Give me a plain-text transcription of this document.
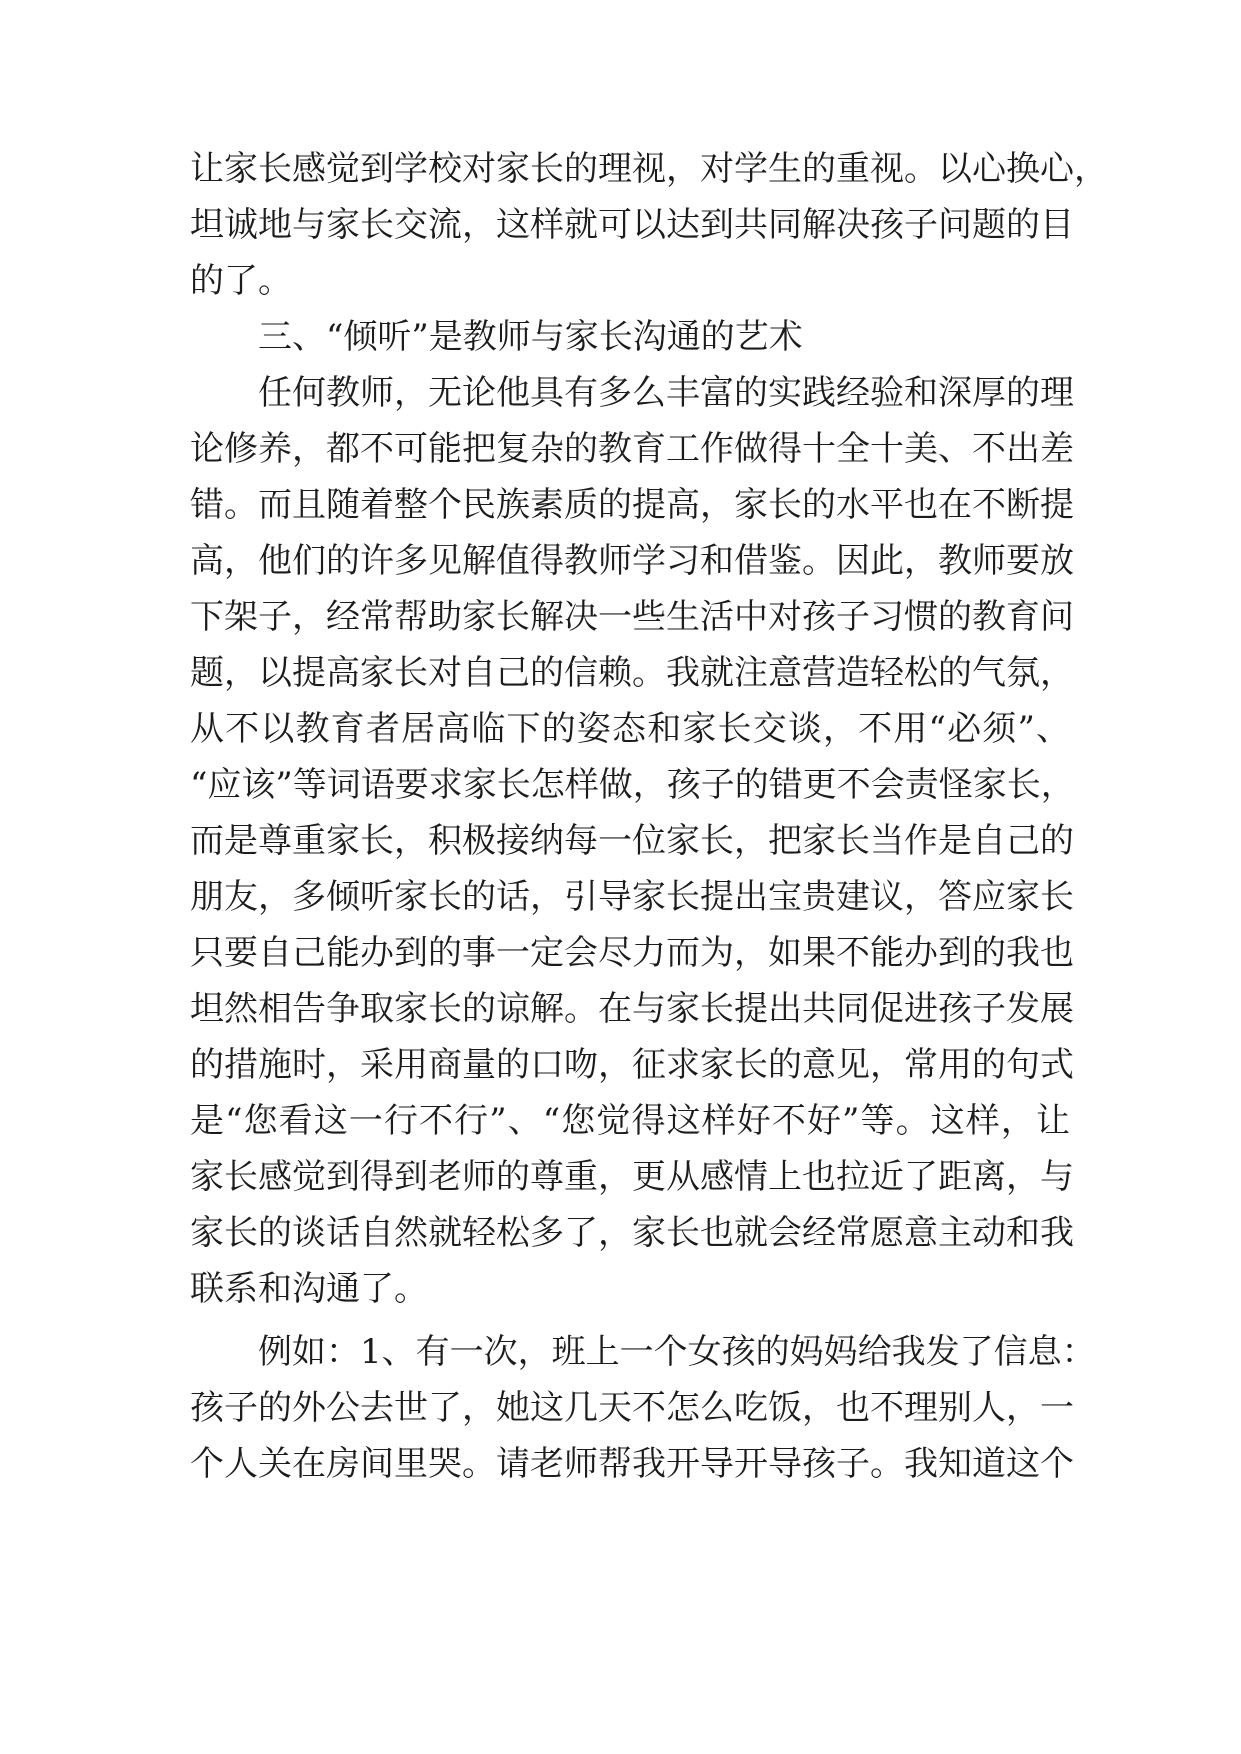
让家长感觉到学校对家长的理视，对学生的重视。以心换心，
坦诚地与家长交流，这样就可以达到共同解决孩子问题的目
的了。
三、“倾听”是教师与家长沟通的艺术
任何教师，无论他具有多么丰富的实践经验和深厚的理
论修养，都不可能把复杂的教育工作做得十全十美、不出差
错。而且随着整个民族素质的提高，家长的水平也在不断提
高，他们的许多见解值得教师学习和借鉴。因此，教师要放
下架子，经常帮助家长解决一些生活中对孩子习惯的教育问
题，以提高家长对自己的信赖。我就注意营造轻松的气氛，
从不以教育者居高临下的姿态和家长交谈，不用“必须”、
“应该”等词语要求家长怎样做，孩子的错更不会责怪家长，
而是尊重家长，积极接纳每一位家长，把家长当作是自己的
朋友，多倾听家长的话，引导家长提出宝贵建议，答应家长
只要自己能办到的事一定会尽力而为，如果不能办到的我也
坦然相告争取家长的谅解。在与家长提出共同促进孩子发展
的措施时，采用商量的口吻，征求家长的意见，常用的句式
是“您看这一行不行”、“您觉得这样好不好”等。这样，让
家长感觉到得到老师的尊重，更从感情上也拉近了距离，与
家长的谈话自然就轻松多了，家长也就会经常愿意主动和我
联系和沟通了。
例如：1、有一次，班上一个女孩的妈妈给我发了信息：
孩子的外公去世了，她这几天不怎么吃饭，也不理别人，一
个人关在房间里哭。请老师帮我开导开导孩子。我知道这个
